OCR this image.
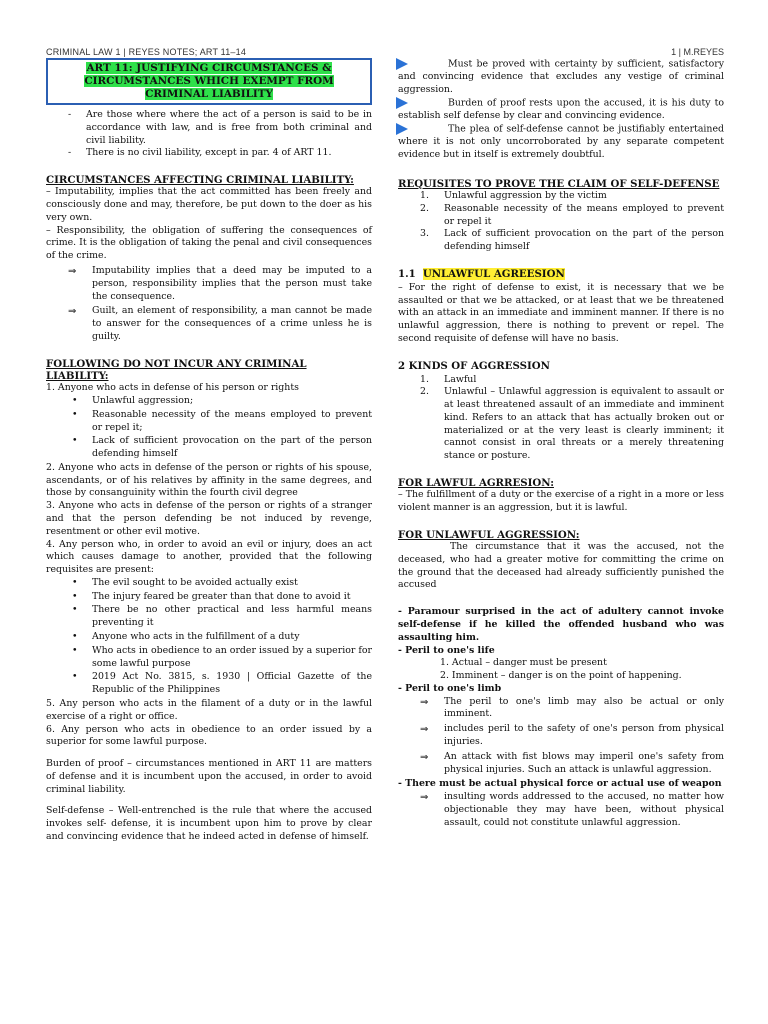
CRIMINAL LAW 1 | REYES NOTES; ART 11–14	1 | M.REYES
ART 11: JUSTIFYING CIRCUMSTANCES & CIRCUMSTANCES WHICH EXEMPT FROM CRIMINAL LIABILITY
- Are those where where the act of a person is said to be in accordance with law, and is free from both criminal and civil liability.
- There is no civil liability, except in par. 4 of ART 11.
CIRCUMSTANCES AFFECTING CRIMINAL LIABILITY:

– Imputability, implies that the act committed has been freely and consciously done and may, therefore, be put down to the doer as his very own.

– Responsibility, the obligation of suffering the consequences of crime. It is the obligation of taking the penal and civil consequences of the crime.

⇒ Imputability implies that a deed may be imputed to a person, responsibility implies that the person must take the consequence.
⇒ Guilt, an element of responsibility, a man cannot be made to answer for the consequences of a crime unless he is guilty.
FOLLOWING DO NOT INCUR ANY CRIMINAL LIABILITY:

1. Anyone who acts in defense of his person or rights

• Unlawful aggression;
• Reasonable necessity of the means employed to prevent or repel it;
• Lack of sufficient provocation on the part of the person defending himself

2. Anyone who acts in defense of the person or rights of his spouse, ascendants, or of his relatives by affinity in the same degrees, and those by consanguinity within the fourth civil degree

3. Anyone who acts in defense of the person or rights of a stranger and that the person defending be not induced by revenge, resentment or other evil motive.

4. Any person who, in order to avoid an evil or injury, does an act which causes damage to another, provided that the following requisites are present:

• The evil sought to be avoided actually exist
• The injury feared be greater than that done to avoid it
• There be no other practical and less harmful means preventing it
• Anyone who acts in the fulfillment of a duty
• Who acts in obedience to an order issued by a superior for some lawful purpose
• 2019 Act No. 3815, s. 1930 | Official Gazette of the Republic of the Philippines

5. Any person who acts in the filament of a duty or in the lawful exercise of a right or office.

6. Any person who acts in obedience to an order issued by a superior for some lawful purpose.

Burden of proof – circumstances mentioned in ART 11 are matters of defense and it is incumbent upon the accused, in order to avoid criminal liability.

Self-defense – Well-entrenched is the rule that where the accused invokes self- defense, it is incumbent upon him to prove by clear and convincing evidence that he indeed acted in defense of himself.

Must be proved with certainty by sufficient, satisfactory and convincing evidence that excludes any vestige of criminal aggression.

Burden of proof rests upon the accused, it is his duty to establish self defense by clear and convincing evidence.

The plea of self-defense cannot be justifiably entertained where it is not only uncorroborated by any separate competent evidence but in itself is extremely doubtful.

REQUISITES TO PROVE THE CLAIM OF SELF-DEFENSE
1. Unlawful aggression by the victim
2. Reasonable necessity of the means employed to prevent or repel it
3. Lack of sufficient provocation on the part of the person defending himself
1.1 UNLAWFUL AGREESION

– For the right of defense to exist, it is necessary that we be assaulted or that we be attacked, or at least that we be threatened with an attack in an immediate and imminent manner. If there is no unlawful aggression, there is nothing to prevent or repel. The second requisite of defense will have no basis.

2 KINDS OF AGGRESSION
1. Lawful
2. Unlawful – Unlawful aggression is equivalent to assault or at least threatened assault of an immediate and imminent kind. Refers to an attack that has actually broken out or materialized or at the very least is clearly imminent; it cannot consist in oral threats or a merely threatening stance or posture.
FOR LAWFUL AGRRESION:

– The fulfillment of a duty or the exercise of a right in a more or less violent manner is an aggression, but it is lawful.

FOR UNLAWFUL AGGRESSION:

The circumstance that it was the accused, not the deceased, who had a greater motive for committing the crime on the ground that the deceased had already sufficiently punished the accused

- Paramour surprised in the act of adultery cannot invoke self-defense if he killed the offended husband who was assaulting him.

- Peril to one's life

1. Actual – danger must be present
2. Imminent – danger is on the point of happening.

- Peril to one's limb

⇒ The peril to one's limb may also be actual or only imminent.
⇒ includes peril to the safety of one's person from physical injuries.
⇒ An attack with fist blows may imperil one's safety from physical injuries. Such an attack is unlawful aggression.

- There must be actual physical force or actual use of weapon

⇒ insulting words addressed to the accused, no matter how objectionable they may have been, without physical assault, could not constitute unlawful aggression.
